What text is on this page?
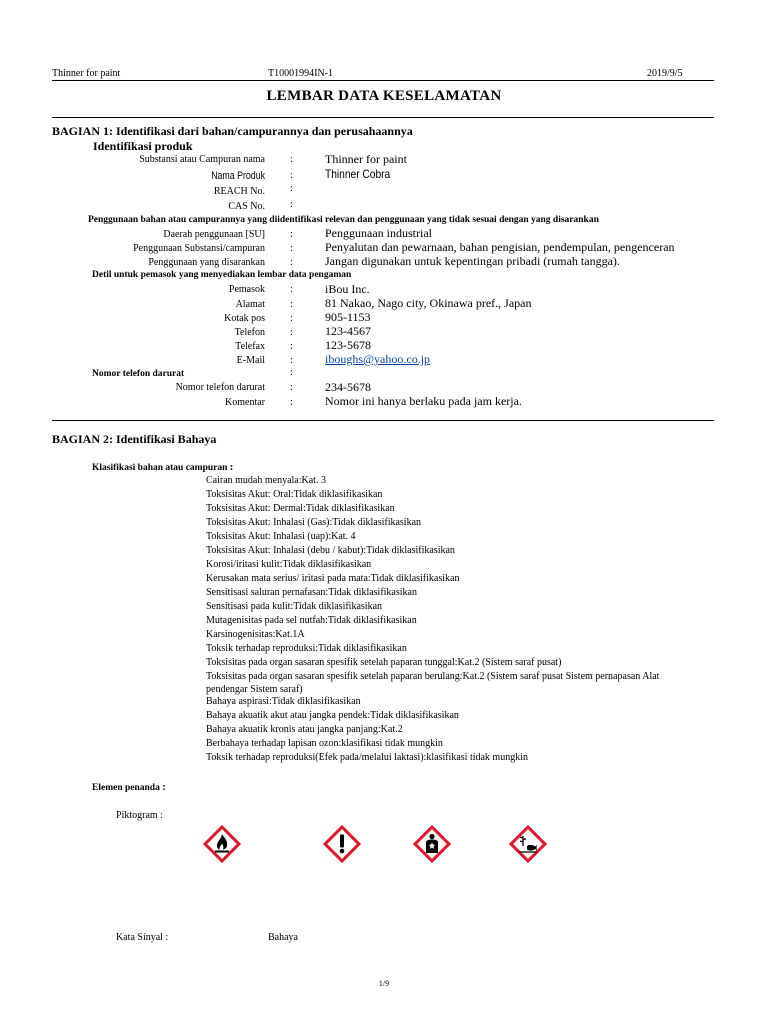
Thinner for paint	T10001994IN-1	2019/9/5
LEMBAR DATA KESELAMATAN
BAGIAN 1: Identifikasi dari bahan/campurannya dan perusahaannya
Identifikasi produk
Substansi atau Campuran nama	:	Thinner for paint
Nama Produk	:	Thinner Cobra
REACH No.	:
CAS No.	:
Penggunaan bahan atau campurannya yang diidentifikasi relevan dan penggunaan yang tidak sesuai dengan yang disarankan
Daerah penggunaan [SU]	:	Penggunaan industrial
Penggunaan Substansi/campuran	:	Penyalutan dan pewarnaan, bahan pengisian, pendempulan, pengenceran
Penggunaan yang disarankan	:	Jangan digunakan untuk kepentingan pribadi (rumah tangga).
Detil untuk pemasok yang menyediakan lembar data pengaman
Pemasok	:	iBou Inc.
Alamat	:	81 Nakao, Nago city, Okinawa pref., Japan
Kotak pos	:	905-1153
Telefon	:	123-4567
Telefax	:	123-5678
E-Mail	:	iboughs@yahoo.co.jp
Nomor telefon darurat	:
Nomor telefon darurat	:	234-5678
Komentar	:	Nomor ini hanya berlaku pada jam kerja.
BAGIAN 2: Identifikasi Bahaya
Klasifikasi bahan atau campuran :
Cairan mudah menyala:Kat. 3
Toksisitas Akut: Oral:Tidak diklasifikasikan
Toksisitas Akut: Dermal:Tidak diklasifikasikan
Toksisitas Akut: Inhalasi (Gas):Tidak diklasifikasikan
Toksisitas Akut: Inhalasi (uap):Kat. 4
Toksisitas Akut: Inhalasi (debu / kabut):Tidak diklasifikasikan
Korosi/iritasi kulit:Tidak diklasifikasikan
Kerusakan mata serius/ iritasi pada mata:Tidak diklasifikasikan
Sensitisasi saluran pernafasan:Tidak diklasifikasikan
Sensitisasi pada kulit:Tidak diklasifikasikan
Mutagenisitas pada sel nutfah:Tidak diklasifikasikan
Karsinogenisitas:Kat.1A
Toksik terhadap reproduksi:Tidak diklasifikasikan
Toksisitas pada organ sasaran spesifik setelah paparan tunggal:Kat.2 (Sistem saraf pusat)
Toksisitas pada organ sasaran spesifik setelah paparan berulang:Kat.2 (Sistem saraf pusat Sistem pernapasan Alat
pendengar Sistem saraf)
Bahaya aspirasi:Tidak diklasifikasikan
Bahaya akuatik akut atau jangka pendek:Tidak diklasifikasikan
Bahaya akuatik kronis atau jangka panjang:Kat.2
Berbahaya terhadap lapisan ozon:klasifikasi tidak mungkin
Toksik terhadap reproduksi(Efek pada/melalui laktasi):klasifikasi tidak mungkin
Elemen penanda :
Piktogram :
Kata Sinyal :	Bahaya
1/9
